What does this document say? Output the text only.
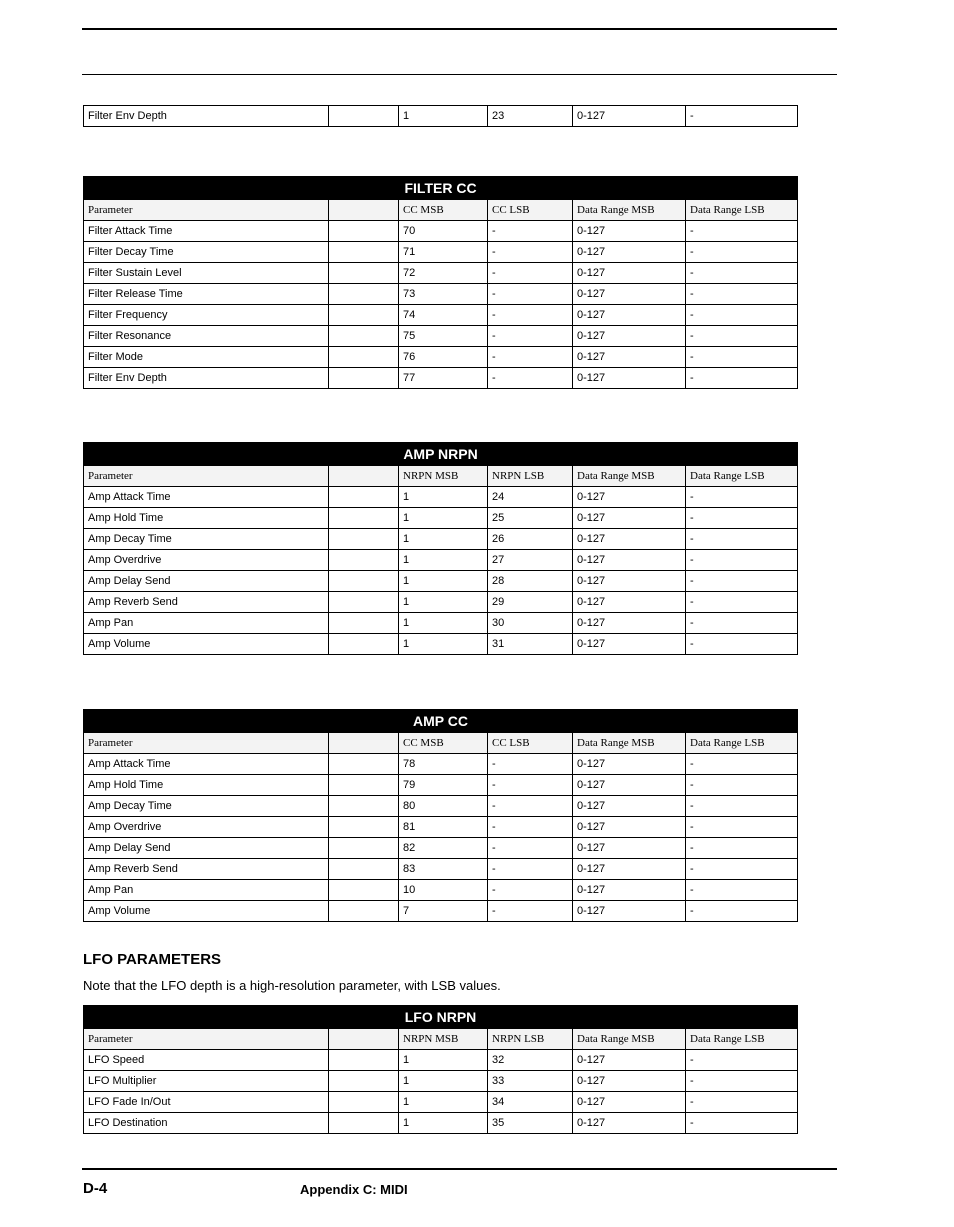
Filter Env Depth		1	23	0-127	-
FILTER CC					
Parameter		CC MSB	CC LSB	Data Range MSB	Data Range LSB
Filter Attack Time		70	-	0-127	-
Filter Decay Time		71	-	0-127	-
Filter Sustain Level		72	-	0-127	-
Filter Release Time		73	-	0-127	-
Filter Frequency		74	-	0-127	-
Filter Resonance		75	-	0-127	-
Filter Mode		76	-	0-127	-
Filter Env Depth		77	-	0-127	-
AMP NRPN					
Parameter		NRPN MSB	NRPN LSB	Data Range MSB	Data Range LSB
Amp Attack Time		1	24	0-127	-
Amp Hold Time		1	25	0-127	-
Amp Decay Time		1	26	0-127	-
Amp Overdrive		1	27	0-127	-
Amp Delay Send		1	28	0-127	-
Amp Reverb Send		1	29	0-127	-
Amp Pan		1	30	0-127	-
Amp Volume		1	31	0-127	-
AMP CC					
Parameter		CC MSB	CC LSB	Data Range MSB	Data Range LSB
Amp Attack Time		78	-	0-127	-
Amp Hold Time		79	-	0-127	-
Amp Decay Time		80	-	0-127	-
Amp Overdrive		81	-	0-127	-
Amp Delay Send		82	-	0-127	-
Amp Reverb Send		83	-	0-127	-
Amp Pan		10	-	0-127	-
Amp Volume		7	-	0-127	-
LFO PARAMETERS

Note that the LFO depth is a high-resolution parameter, with LSB values.

LFO NRPN					
Parameter		NRPN MSB	NRPN LSB	Data Range MSB	Data Range LSB
LFO Speed		1	32	0-127	-
LFO Multiplier		1	33	0-127	-
LFO Fade In/Out		1	34	0-127	-
LFO Destination		1	35	0-127	-
D-4	Appendix C: MIDI
